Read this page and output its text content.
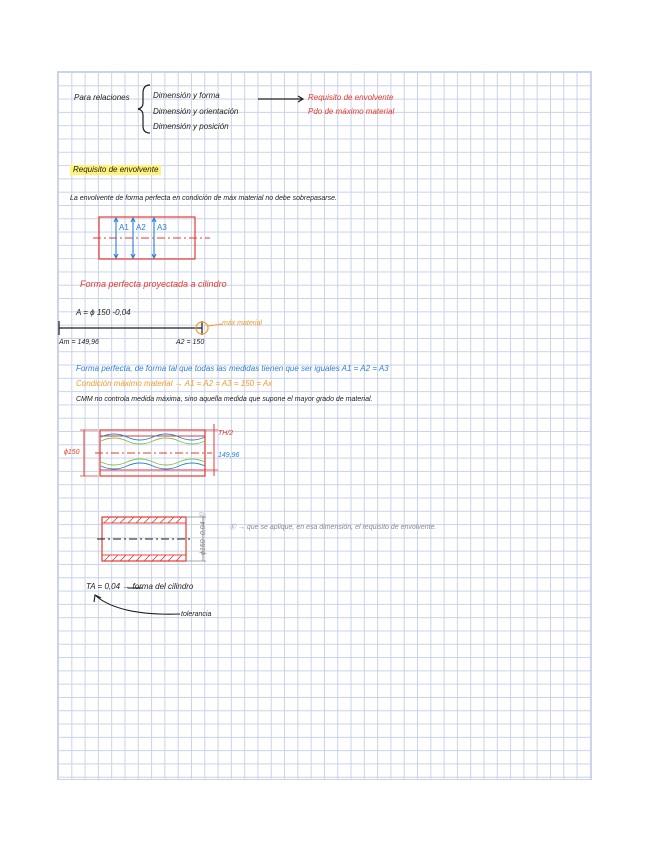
Para relaciones	Dimensión y forma
Dimensión y orientación
Dimensión y posición
Requisito de envolvente
Pdo de máximo material
Requisito de envolvente
La envolvente de forma perfecta en condición de máx material no debe sobrepasarse.
A1 A2 A3
Forma perfecta proyectada a cilindro
A = ϕ 150 -0,04
Am = 149,96	A2 = 150
máx material
Forma perfecta, de forma tal que todas las medidas tienen que ser iguales A1 = A2 = A3
Condición máximo material → A1 = A2 = A3 = 150 = Ax
CMM no controla medida máxima, sino aquella medida que supone el mayor grado de material.
ϕ150
TH/2
149,96
ϕ150 -0,04 Ⓔ	Ⓔ → que se aplique, en esa dimensión, el requisito de envolvente.
TA = 0,04 → forma del cilindro
tolerancia
